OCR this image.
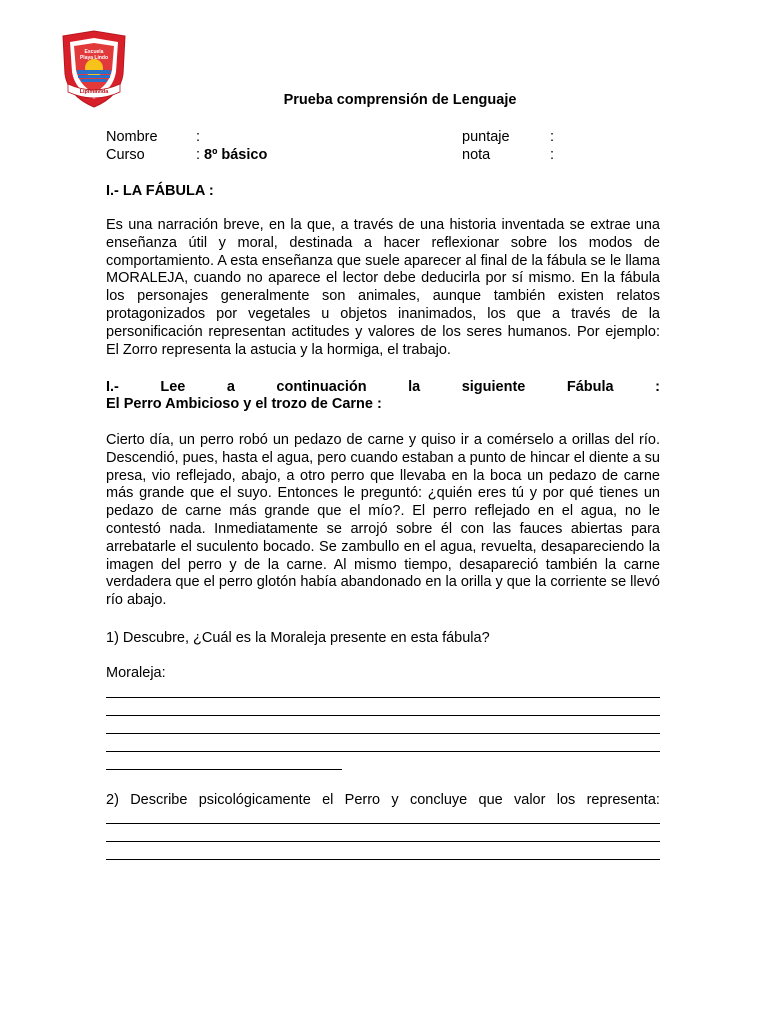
Escuela
Playa Lindo
Lipimávida	Prueba comprensión de Lenguaje
Nombre	:	puntaje	:
Curso	: 8º básico	nota	:
I.- LA FÁBULA :

Es una narración breve, en la que, a través de una historia inventada se extrae una enseñanza útil y moral, destinada a hacer reflexionar sobre los modos de comportamiento. A esta enseñanza que suele aparecer al final de la fábula se le llama MORALEJA, cuando no aparece el lector debe deducirla por sí mismo. En la fábula los personajes generalmente son animales, aunque también existen relatos protagonizados por vegetales u objetos inanimados, los que a través de la personificación representan actitudes y valores de los seres humanos. Por ejemplo: El Zorro representa la astucia y la hormiga, el trabajo.

I.-	Lee	a	continuación	la	siguiente	Fábula	:
El Perro Ambicioso y el trozo de Carne :

Cierto día, un perro robó un pedazo de carne y quiso ir a comérselo a orillas del río. Descendió, pues, hasta el agua, pero cuando estaban a punto de hincar el diente a su presa, vio reflejado, abajo, a otro perro que llevaba en la boca un pedazo de carne más grande que el suyo. Entonces le preguntó: ¿quién eres tú y por qué tienes un pedazo de carne más grande que el mío?. El perro reflejado en el agua, no le contestó nada. Inmediatamente se arrojó sobre él con las fauces abiertas para arrebatarle el suculento bocado. Se zambullo en el agua, revuelta, desapareciendo la imagen del perro y de la carne. Al mismo tiempo, desapareció también la carne verdadera que el perro glotón había abandonado en la orilla y que la corriente se llevó río abajo.

1) Descubre, ¿Cuál es la Moraleja presente en esta fábula?
Moraleja:
2) Describe psicológicamente el Perro y concluye que valor los representa:
